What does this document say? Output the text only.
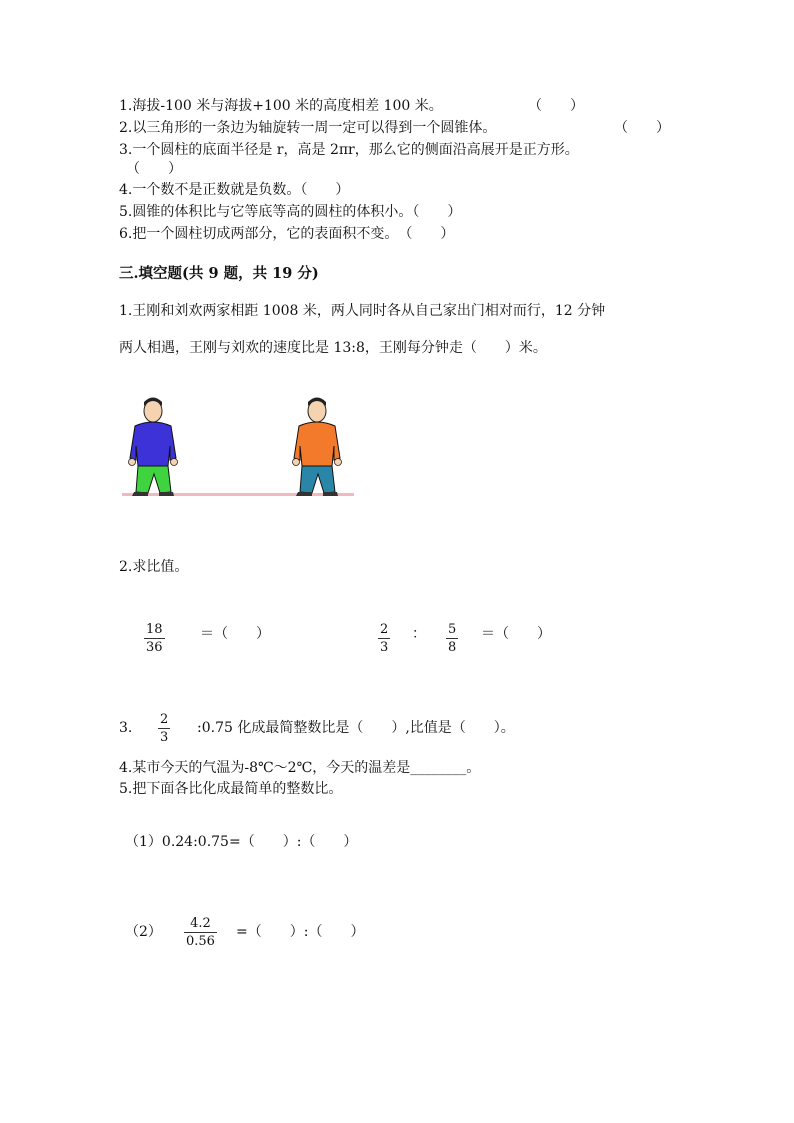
1.海拔-100 米与海拔+100 米的高度相差 100 米。	（　　）
2.以三角形的一条边为轴旋转一周一定可以得到一个圆锥体。	（　　）
3.一个圆柱的底面半径是 r，高是 2πr，那么它的侧面沿高展开是正方形。
（　　）
4.一个数不是正数就是负数。（　　）
5.圆锥的体积比与它等底等高的圆柱的体积小。（　　）
6.把一个圆柱切成两部分，它的表面积不变。　（　　）
三.填空题(共 9 题，共 19 分)
1.王刚和刘欢两家相距 1008 米，两人同时各从自己家出门相对而行，12 分钟
两人相遇，王刚与刘欢的速度比是 13:8，王刚每分钟走（　　）米。
2.求比值。
18
36
＝（　　）	2
3
： 5
8
＝（　　）
3.
2
3
:0.75 化成最简整数比是（　　）,比值是（　　）。
4.某市今天的气温为-8℃～2℃，今天的温差是________。
5.把下面各比化成最简单的整数比。
（1）0.24:0.75=（　　）:（　　）
（2）
4.2
0.56
=（　　）:（　　）
